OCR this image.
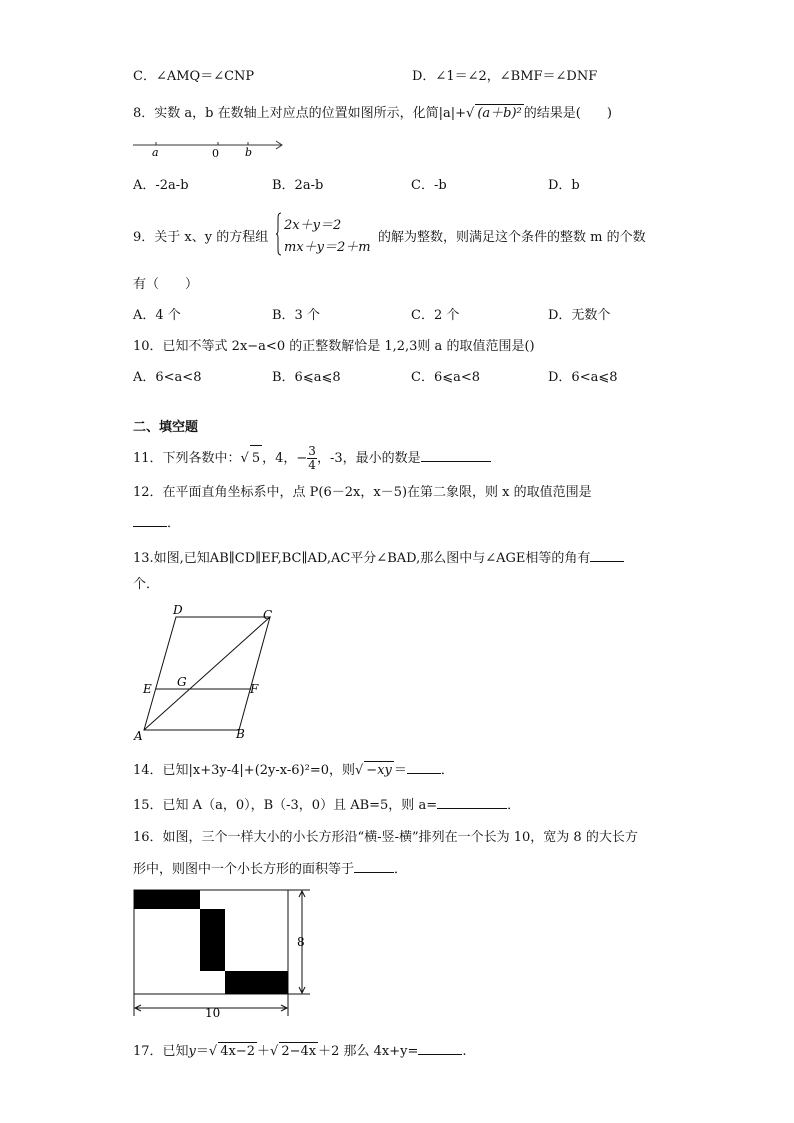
C．∠AMQ＝∠CNP	D．∠1＝∠2，∠BMF＝∠DNF
8．实数 a，b 在数轴上对应点的位置如图所示，化简|a|+√ (a＋b)² 的结果是(　　)
a	0 b
A．-2a-b	B．2a-b	C．-b	D．b
9．关于 x、y 的方程组
2x＋y＝2
mx＋y＝2＋m
的解为整数，则满足这个条件的整数 m 的个数
有（　　）
A．4 个	B．3 个	C．2 个	D．无数个
10．已知不等式 2x−a<0 的正整数解恰是 1,2,3则 a 的取值范围是()
A．6<a<8	B．6⩽a⩽8	C．6⩽a<8	D．6<a⩽8
二、填空题
11．下列各数中：√ 5 ，4，− $\frac{3}{4}$ ，-3，最小的数是
12．在平面直角坐标系中，点 P(6－2x，x－5)在第二象限，则 x 的取值范围是
．
13.如图,已知AB∥CD∥EF,BC∥AD,AC平分∠BAD,那么图中与∠AGE相等的角有
个．
D	C
E G	F
A	B
14．已知|x+3y-4|+(2y-x-6)²=0，则√ −xy ＝	．
15．已知 A（a，0），B（-3，0）且 AB=5，则 a=	．
16．如图，三个一样大小的小长方形沿“横-竖-横”排列在一个长为 10，宽为 8 的大长方
形中，则图中一个小长方形的面积等于	．
8
10
17．已知y＝√ 4x−2 ＋√ 2−4x ＋2 那么 4x+y=	.
